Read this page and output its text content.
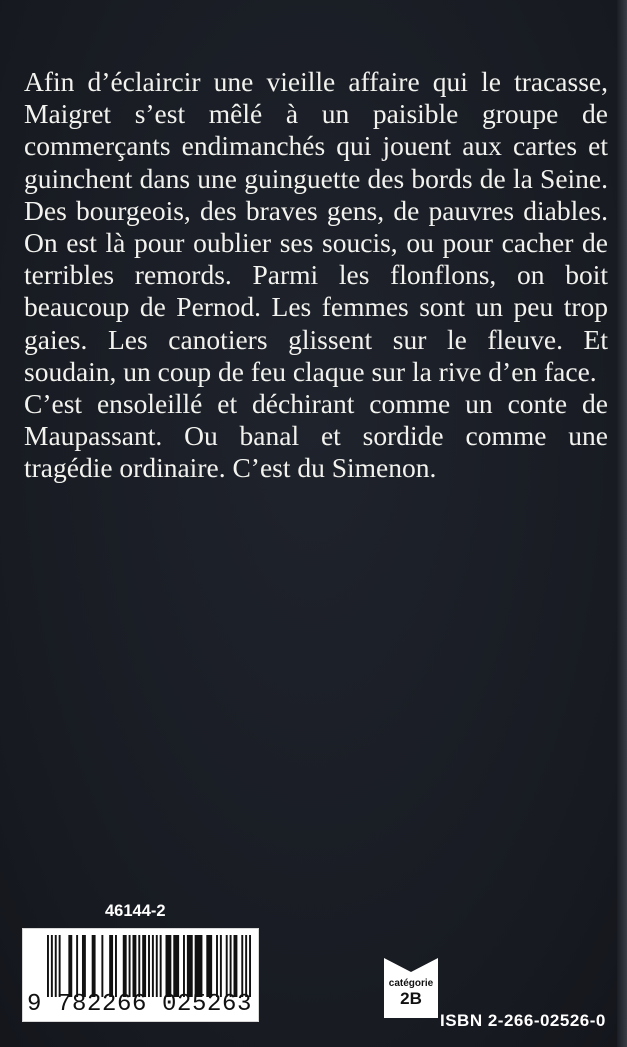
Afin d’éclaircir une vieille affaire qui le tracasse, Maigret s’est mêlé à un paisible groupe de commerçants endimanchés qui jouent aux cartes et guinchent dans une guinguette des bords de la Seine. Des bourgeois, des braves gens, de pauvres diables. On est là pour oublier ses soucis, ou pour cacher de terribles remords. Parmi les flonflons, on boit beaucoup de Pernod. Les femmes sont un peu trop gaies. Les canotiers glissent sur le fleuve. Et soudain, un coup de feu claque sur la rive d’en face.

C’est ensoleillé et déchirant comme un conte de Maupassant. Ou banal et sordide comme une tragédie ordinaire. C’est du Simenon.

46144-2
9 782266 025263
catégorie
2B
ISBN 2-266-02526-0
